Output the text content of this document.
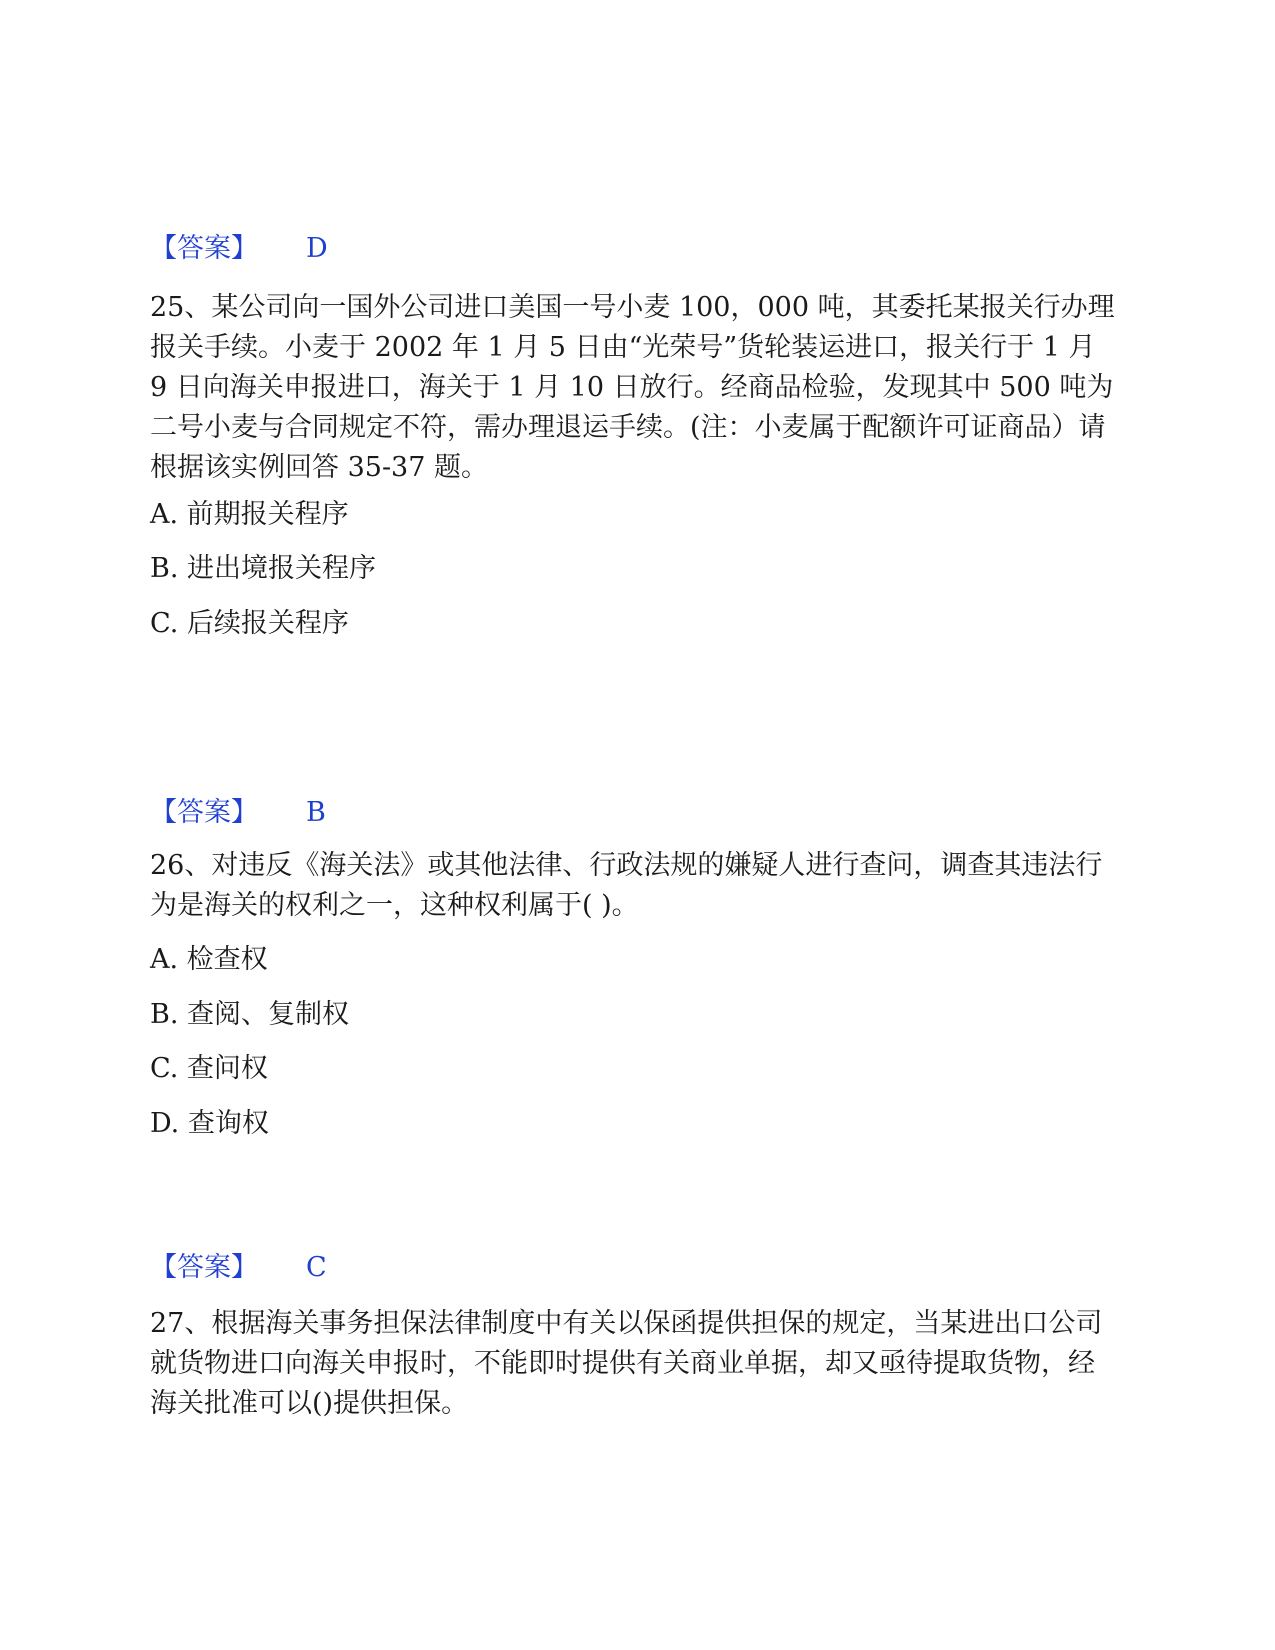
【答案】 D
25、某公司向一国外公司进口美国一号小麦 100，000 吨，其委托某报关行办理报关手续。小麦于 2002 年 1 月 5 日由“光荣号”货轮装运进口，报关行于 1 月 9 日向海关申报进口，海关于 1 月 10 日放行。经商品检验，发现其中 500 吨为二号小麦与合同规定不符，需办理退运手续。(注：小麦属于配额许可证商品）请根据该实例回答 35-37 题。
A. 前期报关程序
B. 进出境报关程序
C. 后续报关程序
【答案】 B
26、对违反《海关法》或其他法律、行政法规的嫌疑人进行查问，调查其违法行为是海关的权利之一，这种权利属于( )。
A. 检查权
B. 查阅、复制权
C. 查问权
D. 查询权
【答案】 C
27、根据海关事务担保法律制度中有关以保函提供担保的规定，当某进出口公司就货物进口向海关申报时，不能即时提供有关商业单据，却又亟待提取货物，经海关批准可以()提供担保。
